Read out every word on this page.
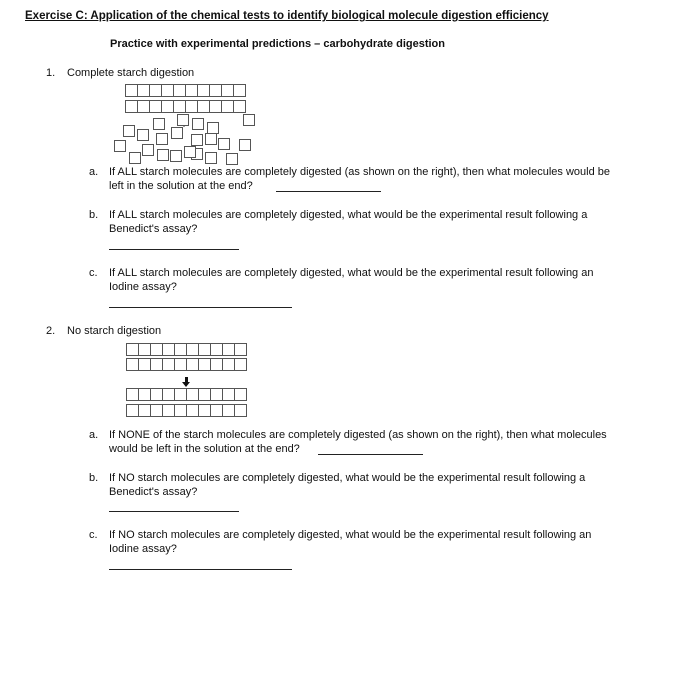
Exercise C: Application of the chemical tests to identify biological molecule digestion efficiency
Practice with experimental predictions – carbohydrate digestion
1. Complete starch digestion
a. If ALL starch molecules are completely digested (as shown on the right), then what molecules would be
left in the solution at the end?
b. If ALL starch molecules are completely digested, what would be the experimental result following a
Benedict's assay?
c. If ALL starch molecules are completely digested, what would be the experimental result following an
Iodine assay?
2. No starch digestion
a. If NONE of the starch molecules are completely digested (as shown on the right), then what molecules
would be left in the solution at the end?
b. If NO starch molecules are completely digested, what would be the experimental result following a
Benedict's assay?
c. If NO starch molecules are completely digested, what would be the experimental result following an
Iodine assay?
